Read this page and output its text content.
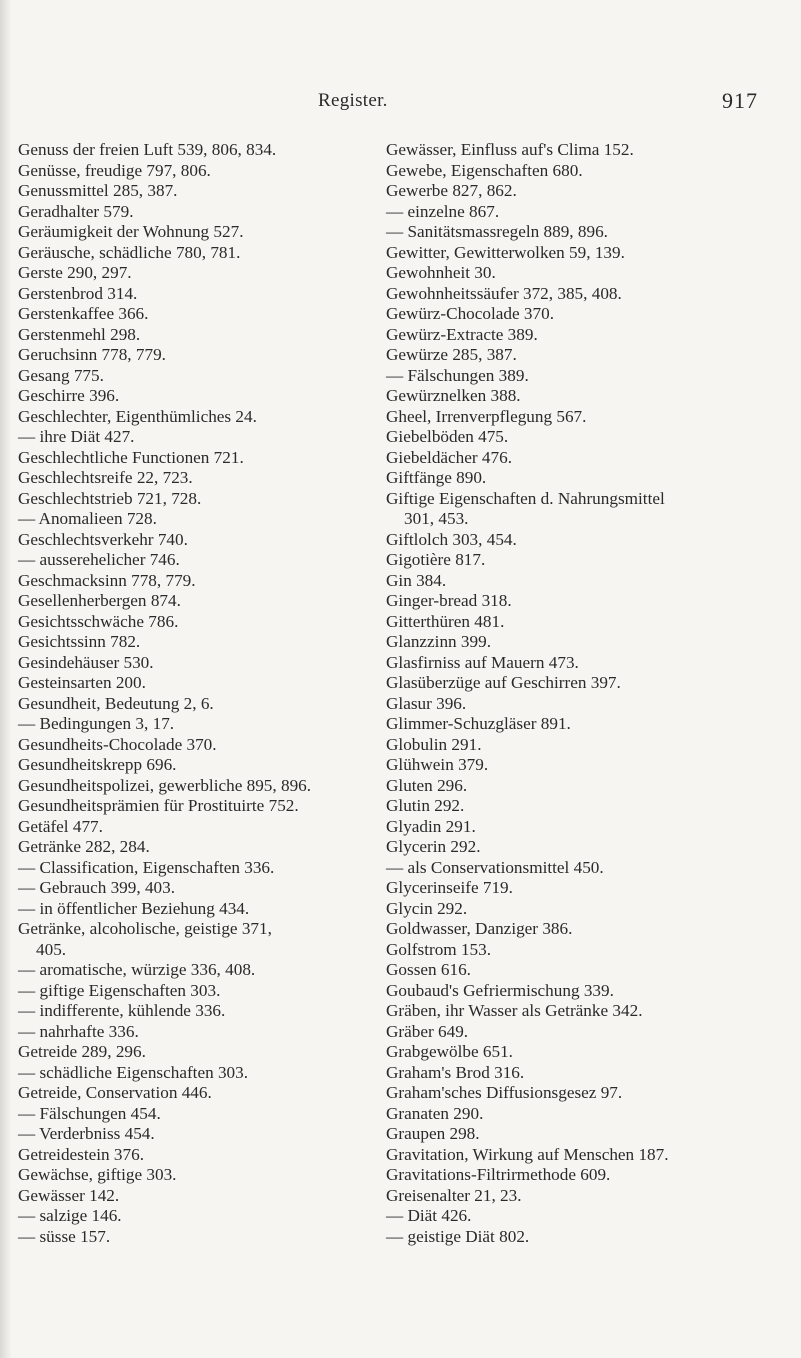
Register.	917
Genuss der freien Luft 539, 806, 834.
Genüsse, freudige 797, 806.
Genussmittel 285, 387.
Geradhalter 579.
Geräumigkeit der Wohnung 527.
Geräusche, schädliche 780, 781.
Gerste 290, 297.
Gerstenbrod 314.
Gerstenkaffee 366.
Gerstenmehl 298.
Geruchsinn 778, 779.
Gesang 775.
Geschirre 396.
Geschlechter, Eigenthümliches 24.
— ihre Diät 427.
Geschlechtliche Functionen 721.
Geschlechtsreife 22, 723.
Geschlechtstrieb 721, 728.
— Anomalieen 728.
Geschlechtsverkehr 740.
— ausserehelicher 746.
Geschmacksinn 778, 779.
Gesellenherbergen 874.
Gesichtsschwäche 786.
Gesichtssinn 782.
Gesindehäuser 530.
Gesteinsarten 200.
Gesundheit, Bedeutung 2, 6.
— Bedingungen 3, 17.
Gesundheits-Chocolade 370.
Gesundheitskrepp 696.
Gesundheitspolizei, gewerbliche 895, 896.
Gesundheitsprämien für Prostituirte 752.
Getäfel 477.
Getränke 282, 284.
— Classification, Eigenschaften 336.
— Gebrauch 399, 403.
— in öffentlicher Beziehung 434.
Getränke, alcoholische, geistige 371,
405.
— aromatische, würzige 336, 408.
— giftige Eigenschaften 303.
— indifferente, kühlende 336.
— nahrhafte 336.
Getreide 289, 296.
— schädliche Eigenschaften 303.
Getreide, Conservation 446.
— Fälschungen 454.
— Verderbniss 454.
Getreidestein 376.
Gewächse, giftige 303.
Gewässer 142.
— salzige 146.
— süsse 157.
Gewässer, Einfluss auf's Clima 152.
Gewebe, Eigenschaften 680.
Gewerbe 827, 862.
— einzelne 867.
— Sanitätsmassregeln 889, 896.
Gewitter, Gewitterwolken 59, 139.
Gewohnheit 30.
Gewohnheitssäufer 372, 385, 408.
Gewürz-Chocolade 370.
Gewürz-Extracte 389.
Gewürze 285, 387.
— Fälschungen 389.
Gewürznelken 388.
Gheel, Irrenverpflegung 567.
Giebelböden 475.
Giebeldächer 476.
Giftfänge 890.
Giftige Eigenschaften d. Nahrungsmittel
301, 453.
Giftlolch 303, 454.
Gigotière 817.
Gin 384.
Ginger-bread 318.
Gitterthüren 481.
Glanzzinn 399.
Glasfirniss auf Mauern 473.
Glasüberzüge auf Geschirren 397.
Glasur 396.
Glimmer-Schuzgläser 891.
Globulin 291.
Glühwein 379.
Gluten 296.
Glutin 292.
Glyadin 291.
Glycerin 292.
— als Conservationsmittel 450.
Glycerinseife 719.
Glycin 292.
Goldwasser, Danziger 386.
Golfstrom 153.
Gossen 616.
Goubaud's Gefriermischung 339.
Gräben, ihr Wasser als Getränke 342.
Gräber 649.
Grabgewölbe 651.
Graham's Brod 316.
Graham'sches Diffusionsgesez 97.
Granaten 290.
Graupen 298.
Gravitation, Wirkung auf Menschen 187.
Gravitations-Filtrirmethode 609.
Greisenalter 21, 23.
— Diät 426.
— geistige Diät 802.
